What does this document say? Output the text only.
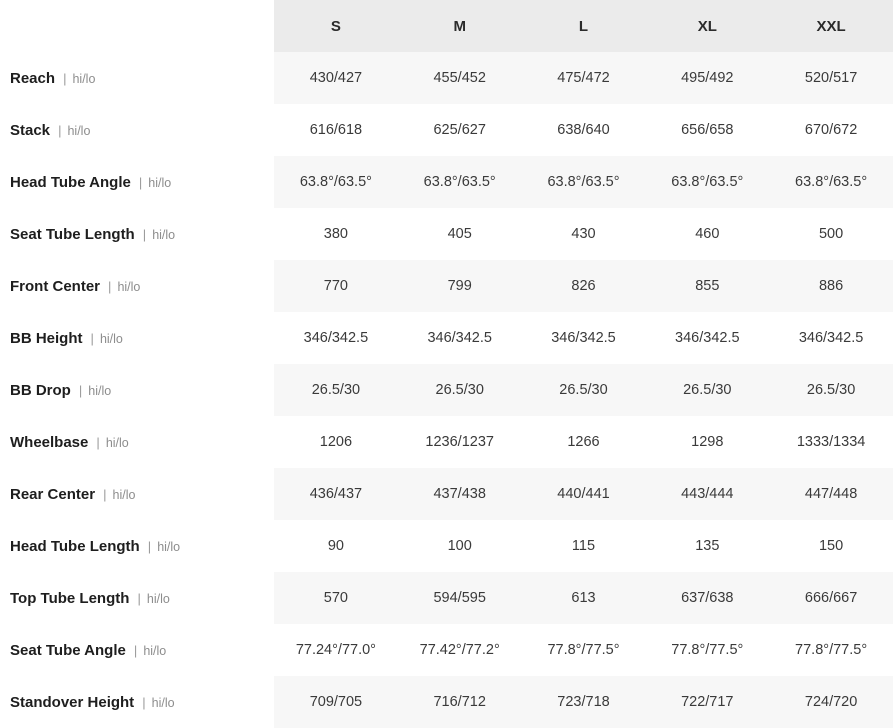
	S	M	L	XL	XXL
Reach | hi/lo	430/427	455/452	475/472	495/492	520/517
Stack | hi/lo	616/618	625/627	638/640	656/658	670/672
Head Tube Angle | hi/lo	63.8°/63.5°	63.8°/63.5°	63.8°/63.5°	63.8°/63.5°	63.8°/63.5°
Seat Tube Length | hi/lo	380	405	430	460	500
Front Center | hi/lo	770	799	826	855	886
BB Height | hi/lo	346/342.5	346/342.5	346/342.5	346/342.5	346/342.5
BB Drop | hi/lo	26.5/30	26.5/30	26.5/30	26.5/30	26.5/30
Wheelbase | hi/lo	1206	1236/1237	1266	1298	1333/1334
Rear Center | hi/lo	436/437	437/438	440/441	443/444	447/448
Head Tube Length | hi/lo	90	100	115	135	150
Top Tube Length | hi/lo	570	594/595	613	637/638	666/667
Seat Tube Angle | hi/lo	77.24°/77.0°	77.42°/77.2°	77.8°/77.5°	77.8°/77.5°	77.8°/77.5°
Standover Height | hi/lo	709/705	716/712	723/718	722/717	724/720
